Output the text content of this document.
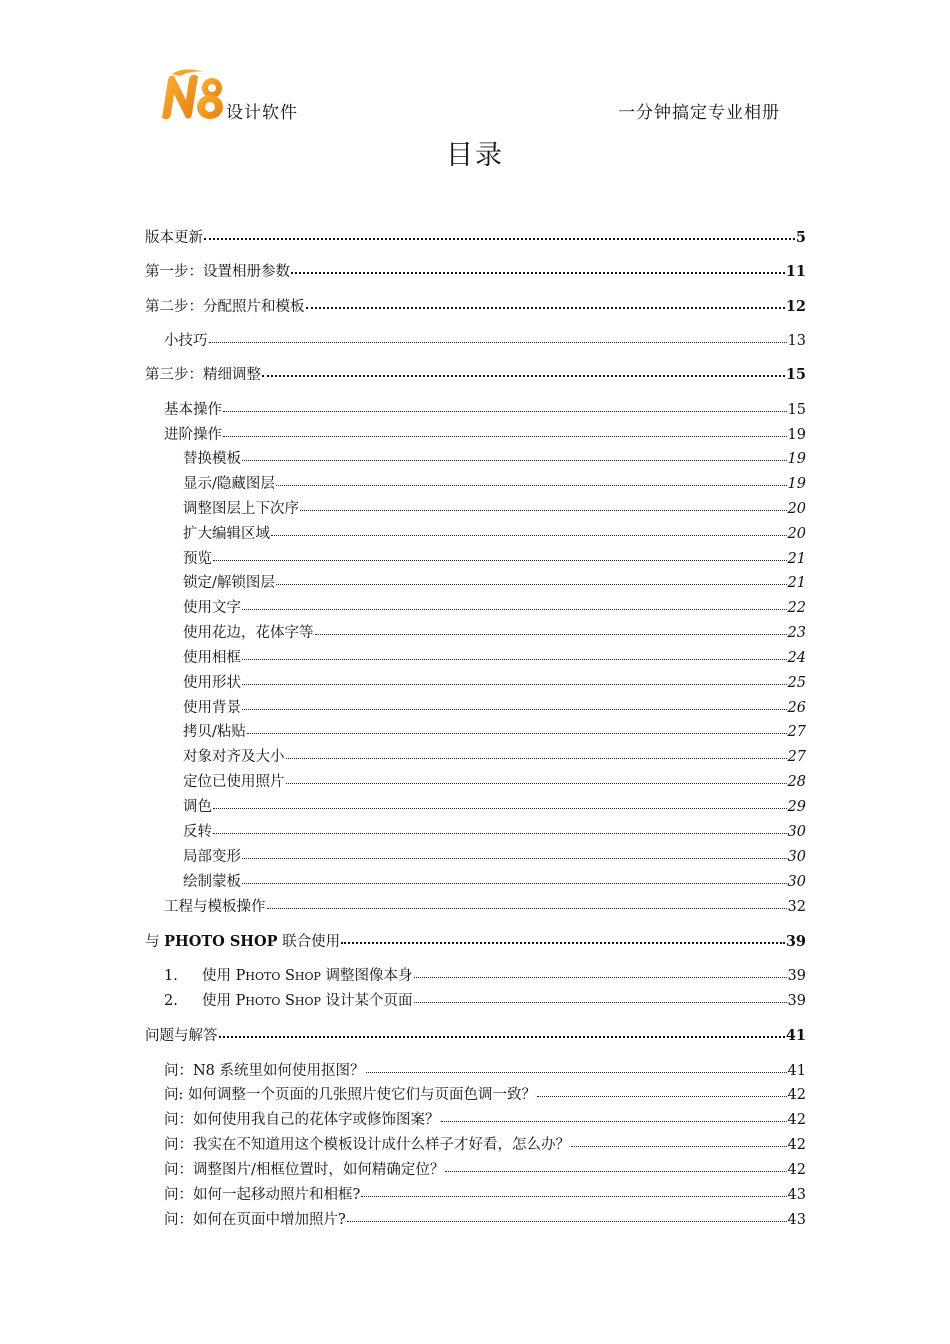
设计软件	一分钟搞定专业相册
目录
版本更新	5
第一步：设置相册参数	11
第二步：分配照片和模板	12
小技巧	13
第三步：精细调整	15
基本操作	15
进阶操作	19
替换模板	19
显示/隐藏图层	19
调整图层上下次序	20
扩大编辑区域	20
预览	21
锁定/解锁图层	21
使用文字	22
使用花边，花体字等	23
使用相框	24
使用形状	25
使用背景	26
拷贝/粘贴	27
对象对齐及大小	27
定位已使用照片	28
调色	29
反转	30
局部变形	30
绘制蒙板	30
工程与模板操作	32
与 PHOTO SHOP 联合使用	39
1. 使用 PHOTO SHOP 调整图像本身	39
2. 使用 PHOTO SHOP 设计某个页面	39
问题与解答	41
问：N8 系统里如何使用抠图？	41
问: 如何调整一个页面的几张照片使它们与页面色调一致？	42
问：如何使用我自己的花体字或修饰图案？	42
问：我实在不知道用这个模板设计成什么样子才好看，怎么办？	42
问：调整图片/相框位置时，如何精确定位？	42
问：如何一起移动照片和相框?	43
问：如何在页面中增加照片?	43
